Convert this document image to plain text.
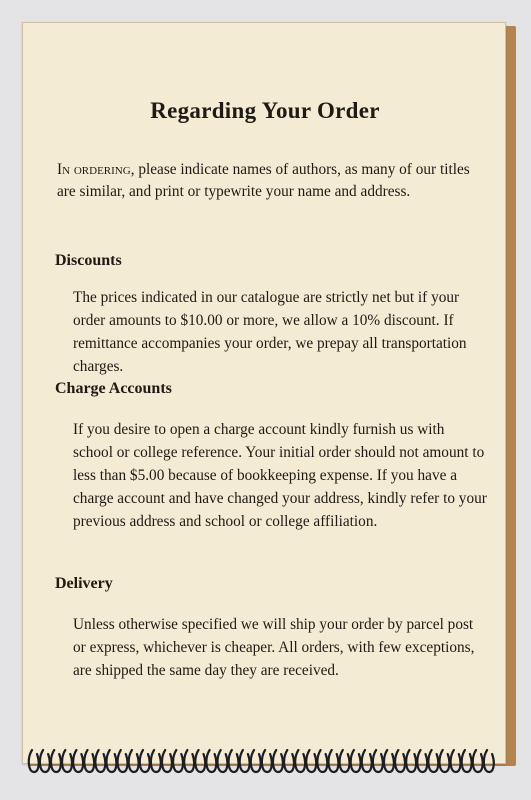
Regarding Your Order

In ordering, please indicate names of authors, as many of our titles are similar, and print or typewrite your name and address.

Discounts

The prices indicated in our catalogue are strictly net but if your order amounts to $10.00 or more, we allow a 10% discount. If remittance accompanies your order, we prepay all transportation charges.

Charge Accounts

If you desire to open a charge account kindly furnish us with school or college reference. Your initial order should not amount to less than $5.00 because of bookkeeping expense. If you have a charge account and have changed your address, kindly refer to your previous address and school or college affiliation.

Delivery

Unless otherwise specified we will ship your order by parcel post or express, whichever is cheaper. All orders, with few exceptions, are shipped the same day they are received.
